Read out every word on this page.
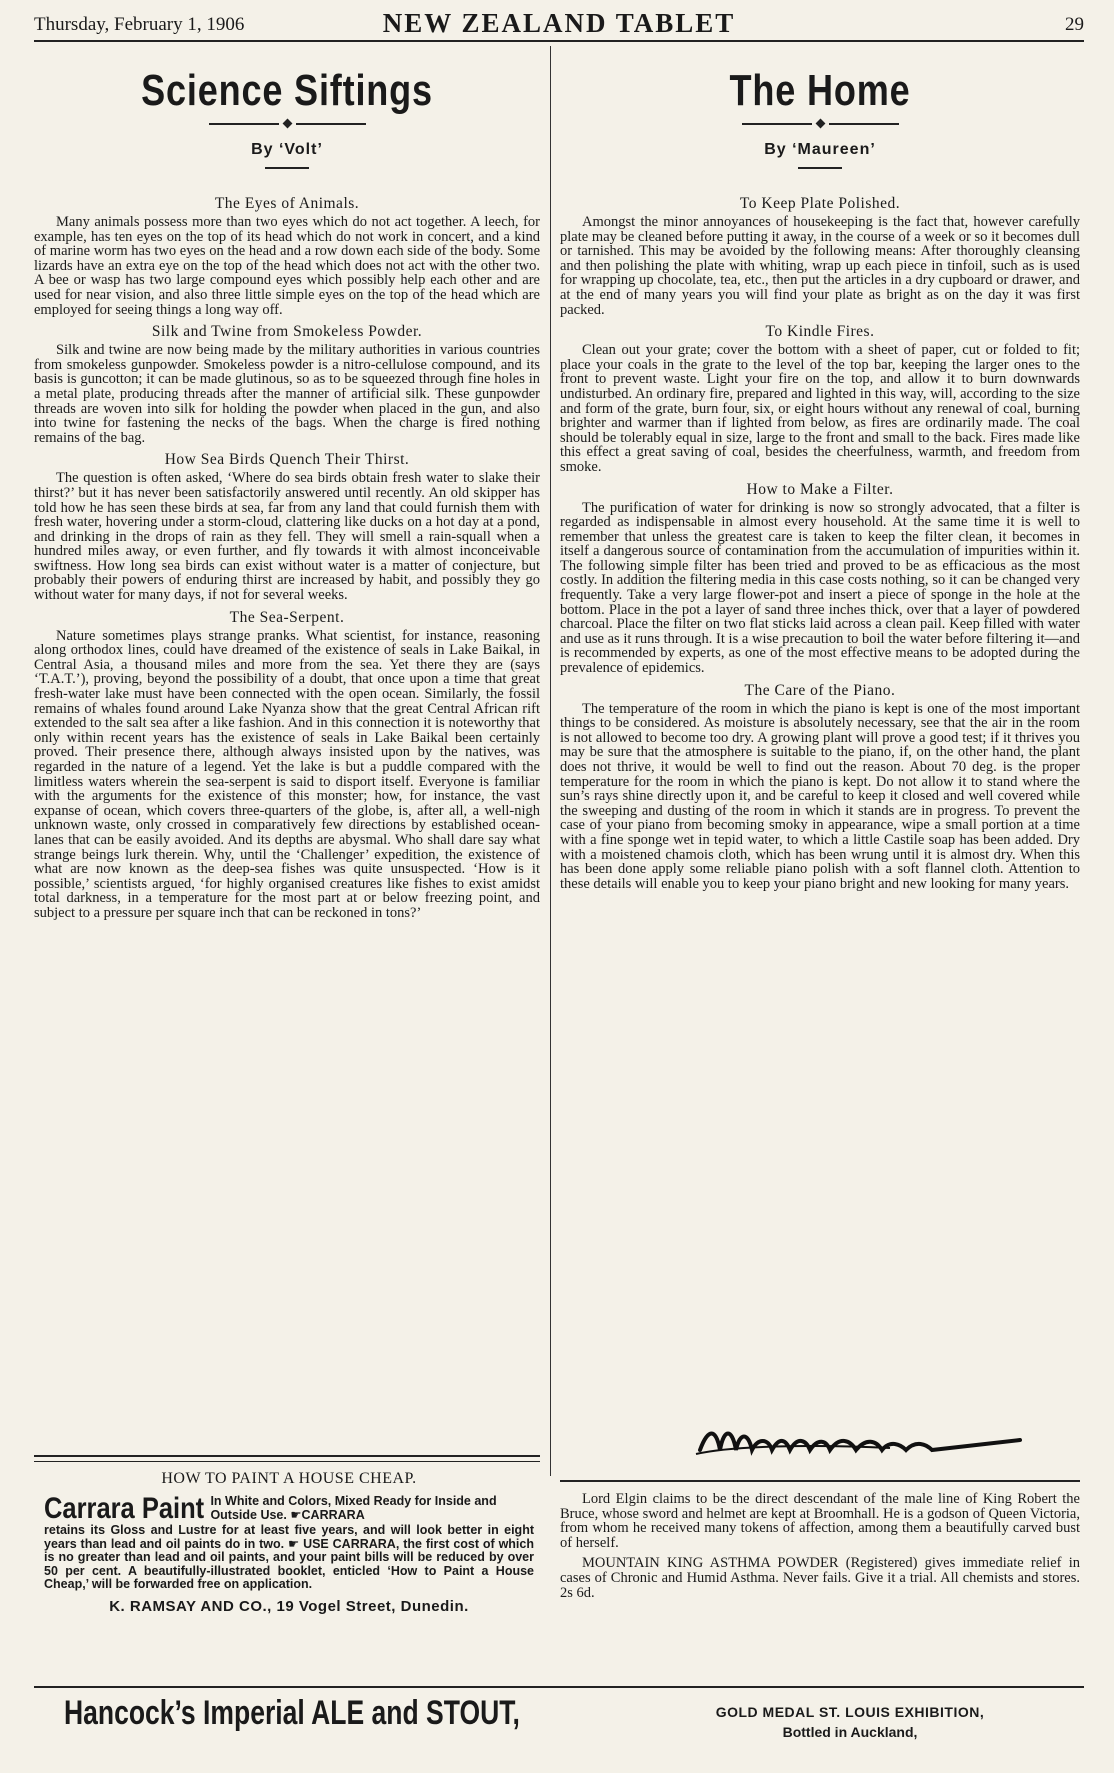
Thursday, February 1, 1906	NEW ZEALAND TABLET	29
Science Siftings
By ‘Volt’
The Eyes of Animals.

Many animals possess more than two eyes which do not act together. A leech, for example, has ten eyes on the top of its head which do not work in concert, and a kind of marine worm has two eyes on the head and a row down each side of the body. Some lizards have an extra eye on the top of the head which does not act with the other two. A bee or wasp has two large compound eyes which possibly help each other and are used for near vision, and also three little simple eyes on the top of the head which are employed for seeing things a long way off.

Silk and Twine from Smokeless Powder.

Silk and twine are now being made by the military authorities in various countries from smokeless gunpowder. Smokeless powder is a nitro-cellulose compound, and its basis is guncotton; it can be made glutinous, so as to be squeezed through fine holes in a metal plate, producing threads after the manner of artificial silk. These gunpowder threads are woven into silk for holding the powder when placed in the gun, and also into twine for fastening the necks of the bags. When the charge is fired nothing remains of the bag.

How Sea Birds Quench Their Thirst.

The question is often asked, ‘Where do sea birds obtain fresh water to slake their thirst?’ but it has never been satisfactorily answered until recently. An old skipper has told how he has seen these birds at sea, far from any land that could furnish them with fresh water, hovering under a storm-cloud, clattering like ducks on a hot day at a pond, and drinking in the drops of rain as they fell. They will smell a rain-squall when a hundred miles away, or even further, and fly towards it with almost inconceivable swiftness. How long sea birds can exist without water is a matter of conjecture, but probably their powers of enduring thirst are increased by habit, and possibly they go without water for many days, if not for several weeks.

The Sea-Serpent.

Nature sometimes plays strange pranks. What scientist, for instance, reasoning along orthodox lines, could have dreamed of the existence of seals in Lake Baikal, in Central Asia, a thousand miles and more from the sea. Yet there they are (says ‘T.A.T.’), proving, beyond the possibility of a doubt, that once upon a time that great fresh-water lake must have been connected with the open ocean. Similarly, the fossil remains of whales found around Lake Nyanza show that the great Central African rift extended to the salt sea after a like fashion. And in this connection it is noteworthy that only within recent years has the existence of seals in Lake Baikal been certainly proved. Their presence there, although always insisted upon by the natives, was regarded in the nature of a legend. Yet the lake is but a puddle compared with the limitless waters wherein the sea-serpent is said to disport itself. Everyone is familiar with the arguments for the existence of this monster; how, for instance, the vast expanse of ocean, which covers three-quarters of the globe, is, after all, a well-nigh unknown waste, only crossed in comparatively few directions by established ocean-lanes that can be easily avoided. And its depths are abysmal. Who shall dare say what strange beings lurk therein. Why, until the ‘Challenger’ expedition, the existence of what are now known as the deep-sea fishes was quite unsuspected. ‘How is it possible,’ scientists argued, ‘for highly organised creatures like fishes to exist amidst total darkness, in a temperature for the most part at or below freezing point, and subject to a pressure per square inch that can be reckoned in tons?’

HOW TO PAINT A HOUSE CHEAP.
Carrara Paint In White and Colors, Mixed Ready for Inside and Outside Use. ☛CARRARA
retains its Gloss and Lustre for at least five years, and will look better in eight years than lead and oil paints do in two. ☛ USE CARRARA, the first cost of which is no greater than lead and oil paints, and your paint bills will be reduced by over 50 per cent. A beautifully-illustrated booklet, enticled ‘How to Paint a House Cheap,’ will be forwarded free on application.
K. RAMSAY AND CO., 19 Vogel Street, Dunedin.
The Home
By ‘Maureen’
To Keep Plate Polished.

Amongst the minor annoyances of housekeeping is the fact that, however carefully plate may be cleaned before putting it away, in the course of a week or so it becomes dull or tarnished. This may be avoided by the following means: After thoroughly cleansing and then polishing the plate with whiting, wrap up each piece in tinfoil, such as is used for wrapping up chocolate, tea, etc., then put the articles in a dry cupboard or drawer, and at the end of many years you will find your plate as bright as on the day it was first packed.

To Kindle Fires.

Clean out your grate; cover the bottom with a sheet of paper, cut or folded to fit; place your coals in the grate to the level of the top bar, keeping the larger ones to the front to prevent waste. Light your fire on the top, and allow it to burn downwards undisturbed. An ordinary fire, prepared and lighted in this way, will, according to the size and form of the grate, burn four, six, or eight hours without any renewal of coal, burning brighter and warmer than if lighted from below, as fires are ordinarily made. The coal should be tolerably equal in size, large to the front and small to the back. Fires made like this effect a great saving of coal, besides the cheerfulness, warmth, and freedom from smoke.

How to Make a Filter.

The purification of water for drinking is now so strongly advocated, that a filter is regarded as indispensable in almost every household. At the same time it is well to remember that unless the greatest care is taken to keep the filter clean, it becomes in itself a dangerous source of contamination from the accumulation of impurities within it. The following simple filter has been tried and proved to be as efficacious as the most costly. In addition the filtering media in this case costs nothing, so it can be changed very frequently. Take a very large flower-pot and insert a piece of sponge in the hole at the bottom. Place in the pot a layer of sand three inches thick, over that a layer of powdered charcoal. Place the filter on two flat sticks laid across a clean pail. Keep filled with water and use as it runs through. It is a wise precaution to boil the water before filtering it—and is recommended by experts, as one of the most effective means to be adopted during the prevalence of epidemics.

The Care of the Piano.

The temperature of the room in which the piano is kept is one of the most important things to be considered. As moisture is absolutely necessary, see that the air in the room is not allowed to become too dry. A growing plant will prove a good test; if it thrives you may be sure that the atmosphere is suitable to the piano, if, on the other hand, the plant does not thrive, it would be well to find out the reason. About 70 deg. is the proper temperature for the room in which the piano is kept. Do not allow it to stand where the sun’s rays shine directly upon it, and be careful to keep it closed and well covered while the sweeping and dusting of the room in which it stands are in progress. To prevent the case of your piano from becoming smoky in appearance, wipe a small portion at a time with a fine sponge wet in tepid water, to which a little Castile soap has been added. Dry with a moistened chamois cloth, which has been wrung until it is almost dry. When this has been done apply some reliable piano polish with a soft flannel cloth. Attention to these details will enable you to keep your piano bright and new looking for many years.

Lord Elgin claims to be the direct descendant of the male line of King Robert the Bruce, whose sword and helmet are kept at Broomhall. He is a godson of Queen Victoria, from whom he received many tokens of affection, among them a beautifully carved bust of herself.

MOUNTAIN KING ASTHMA POWDER (Registered) gives immediate relief in cases of Chronic and Humid Asthma. Never fails. Give it a trial. All chemists and stores. 2s 6d.

Hancock’s Imperial ALE and STOUT,	GOLD MEDAL ST. LOUIS EXHIBITION,
Bottled in Auckland,
